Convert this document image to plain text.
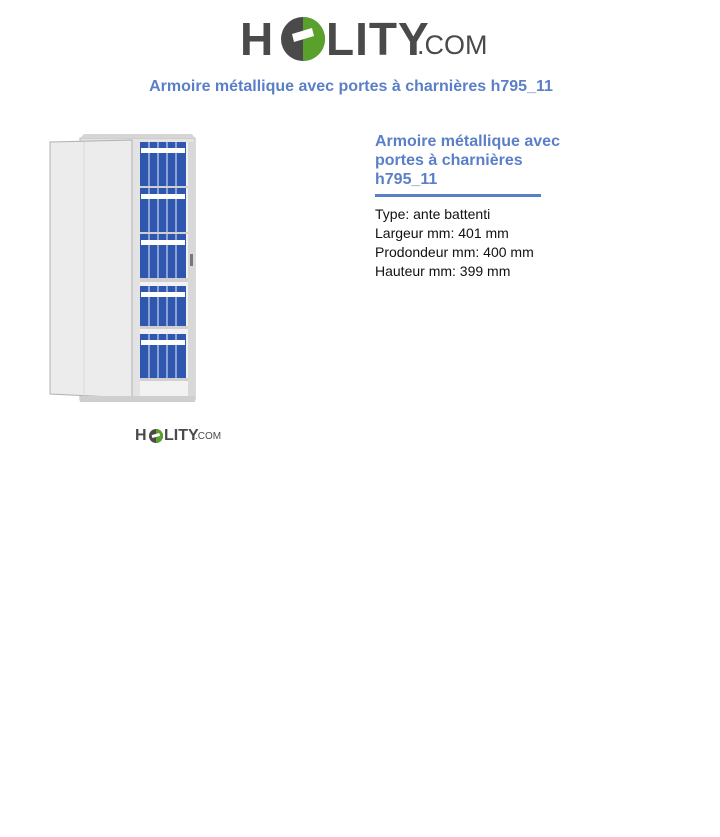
H LITY
.COM
Armoire métallique avec portes à charnières h795_11
H LITY
.COM
Armoire métallique avec portes à charnières h795_11
Type: ante battenti
Largeur mm: 401 mm
Prodondeur mm: 400 mm
Hauteur mm: 399 mm
